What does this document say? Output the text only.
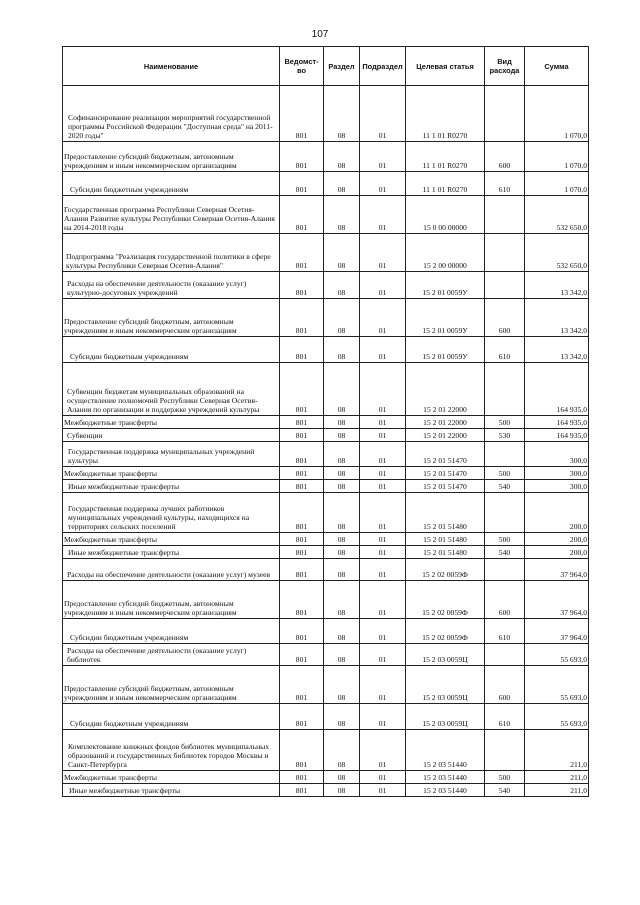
107
Наименование	Ведомст-во	Раздел	Подраздел	Целевая статья	Вид расхода	Сумма
Софинансирование реализации мероприятий государственной программы Российской Федерации "Доступная среда" на 2011-2020 годы"	801	08	01	11 1 01 R0270		1 070,0
Предоставление субсидий бюджетным, автономным учреждениям и иным некоммерческим организациям	801	08	01	11 1 01 R0270	600	1 070,0
Субсидии бюджетным учреждениям	801	08	01	11 1 01 R0270	610	1 070,0
Государственная программа Республики Северная Осетия-Алания Развитие культуры Республики Северная Осетия-Алания на 2014-2018 годы	801	08	01	15 0 00 00000		532 650,0
Подпрограмма "Реализация государственной политики в сфере культуры Республики Северная Осетия-Алания"	801	08	01	15 2 00 00000		532 650,0
Расходы на обеспечение деятельности (оказание услуг) культурно-досуговых учреждений	801	08	01	15 2 01 0059У		13 342,0
Предоставление субсидий бюджетным, автономным учреждениям и иным некоммерческим организациям	801	08	01	15 2 01 0059У	600	13 342,0
Субсидии бюджетным учреждениям	801	08	01	15 2 01 0059У	610	13 342,0
Субвенции бюджетам муниципальных образований на осуществление полномочий Республики Северная Осетия-Алания по организации и поддержке учреждений культуры	801	08	01	15 2 01 22000		164 935,0
Межбюджетные трансферты	801	08	01	15 2 01 22000	500	164 935,0
Субвенции	801	08	01	15 2 01 22000	530	164 935,0
Государственная поддержка муниципальных учреждений культуры	801	08	01	15 2 01 51470		300,0
Межбюджетные трансферты	801	08	01	15 2 01 51470	500	300,0
Иные межбюджетные трансферты	801	08	01	15 2 01 51470	540	300,0
Государственная поддержка лучших работников муниципальных учреждений культуры, находящихся на территориях сельских поселений	801	08	01	15 2 01 51480		200,0
Межбюджетные трансферты	801	08	01	15 2 01 51480	500	200,0
Иные межбюджетные трансферты	801	08	01	15 2 01 51480	540	200,0
Расходы на обеспечение деятельности (оказание услуг) музеев	801	08	01	15 2 02 0059Ф		37 964,0
Предоставление субсидий бюджетным, автономным учреждениям и иным некоммерческим организациям	801	08	01	15 2 02 0059Ф	600	37 964,0
Субсидии бюджетным учреждениям	801	08	01	15 2 02 0059Ф	610	37 964,0
Расходы на обеспечение деятельности (оказание услуг) библиотек	801	08	01	15 2 03 0059Ц		55 693,0
Предоставление субсидий бюджетным, автономным учреждениям и иным некоммерческим организациям	801	08	01	15 2 03 0059Ц	600	55 693,0
Субсидии бюджетным учреждениям	801	08	01	15 2 03 0059Ц	610	55 693,0
Комплектование книжных фондов библиотек муниципальных образований и государственных библиотек городов Москвы и Санкт-Петербурга	801	08	01	15 2 03 51440		211,0
Межбюджетные трансферты	801	08	01	15 2 03 51440	500	211,0
Иные межбюджетные трансферты	801	08	01	15 2 03 51440	540	211,0
